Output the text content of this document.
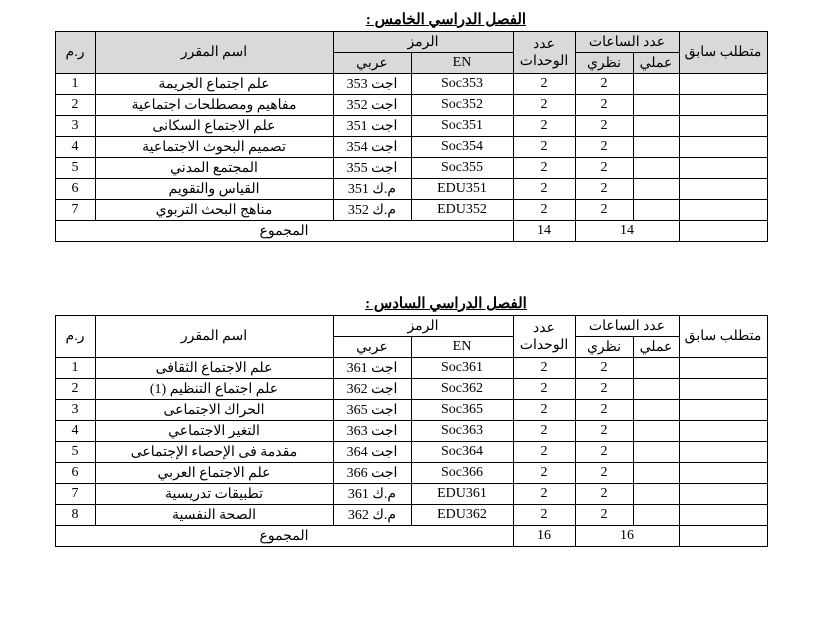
الفصل الدراسي الخامس :
متطلب سابق	عدد الساعات		عدد الوحدات	الرمز		اسم المقرر	ر.م
	عملي	نظري		EN	عربي		
		2	2	Soc353	اجت 353	علم اجتماع الجريمة	1
		2	2	Soc352	اجت 352	مفاهيم ومصطلحات اجتماعية	2
		2	2	Soc351	اجت 351	علم الاجتماع السكانى	3
		2	2	Soc354	اجت 354	تصميم البحوث الاجتماعية	4
		2	2	Soc355	اجت 355	المجتمع المدني	5
		2	2	EDU351	م.ك 351	القياس والتقويم	6
		2	2	EDU352	م.ك 352	مناهج البحث التربوي	7
	14		14	المجموع			
الفصل الدراسي السادس :
متطلب سابق	عدد الساعات		عدد الوحدات	الرمز		اسم المقرر	ر.م
	عملي	نظري		EN	عربي		
		2	2	Soc361	اجت 361	علم الاجتماع الثقافى	1
		2	2	Soc362	اجت 362	علم اجتماع التنظيم (1)	2
		2	2	Soc365	اجت 365	الحراك الاجتماعى	3
		2	2	Soc363	اجت 363	التغير الاجتماعي	4
		2	2	Soc364	اجت 364	مقدمة فى الإحصاء الإجتماعى	5
		2	2	Soc366	اجت 366	علم الاجتماع العربي	6
		2	2	EDU361	م.ك 361	تطبيقات تدريسية	7
		2	2	EDU362	م.ك 362	الصحة النفسية	8
	16		16	المجموع			
